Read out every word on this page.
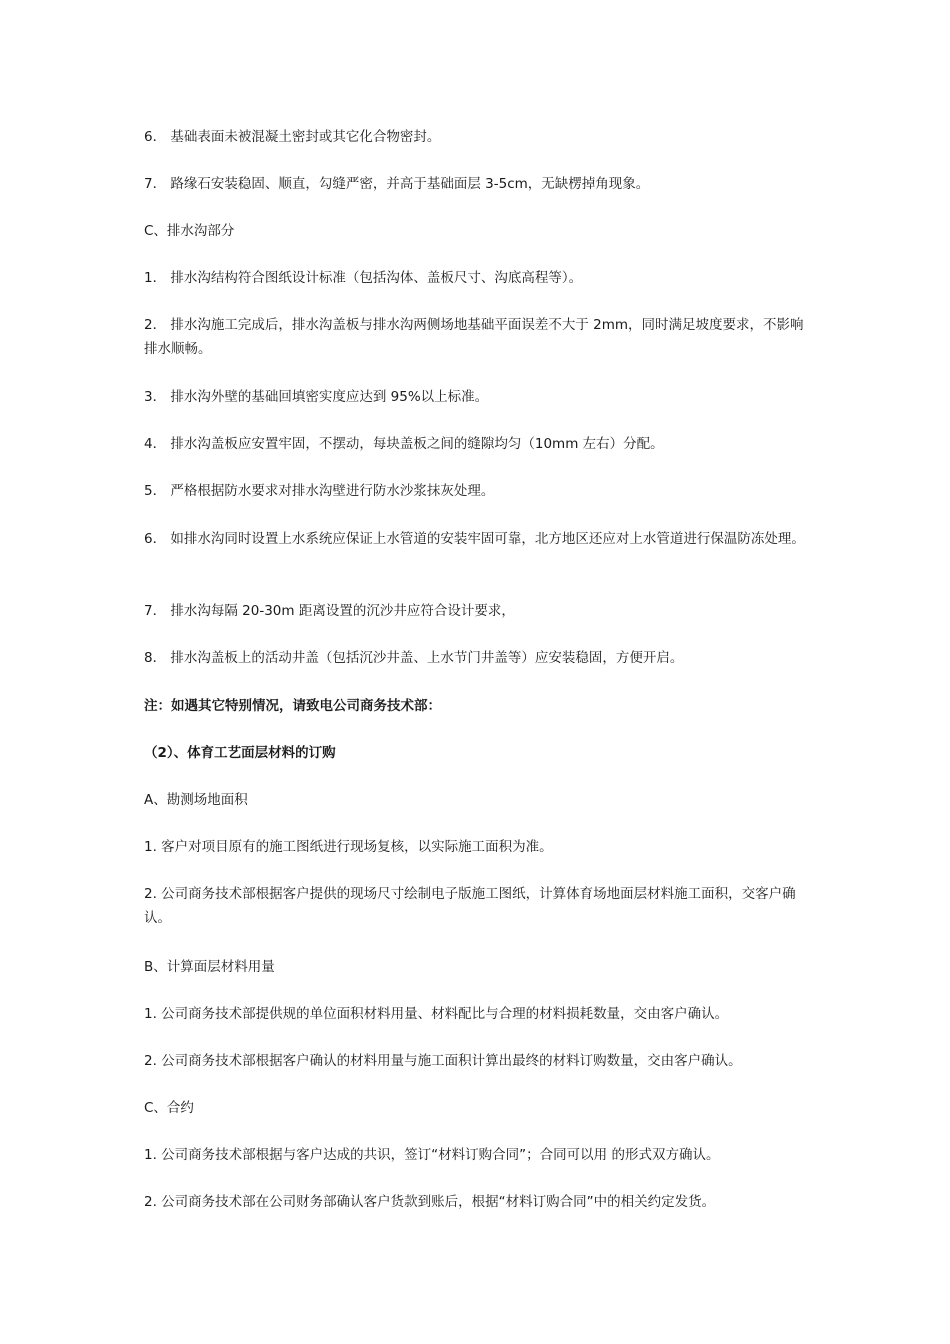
6． 基础表面未被混凝土密封或其它化合物密封。

7． 路缘石安装稳固、顺直，勾缝严密，并高于基础面层 3-5cm，无缺楞掉角现象。

C、排水沟部分

1． 排水沟结构符合图纸设计标准（包括沟体、盖板尺寸、沟底高程等）。

2． 排水沟施工完成后，排水沟盖板与排水沟两侧场地基础平面误差不大于 2mm，同时满足坡度要求，不影响排水顺畅。

3． 排水沟外壁的基础回填密实度应达到 95%以上标准。

4． 排水沟盖板应安置牢固，不摆动，每块盖板之间的缝隙均匀（10mm 左右）分配。

5． 严格根据防水要求对排水沟壁进行防水沙浆抹灰处理。

6． 如排水沟同时设置上水系统应保证上水管道的安装牢固可靠，北方地区还应对上水管道进行保温防冻处理。

7． 排水沟每隔 20-30m 距离设置的沉沙井应符合设计要求，

8． 排水沟盖板上的活动井盖（包括沉沙井盖、上水节门井盖等）应安装稳固，方便开启。

注：如遇其它特别情况，请致电公司商务技术部：

（2）、体育工艺面层材料的订购

A、勘测场地面积

1. 客户对项目原有的施工图纸进行现场复核，以实际施工面积为准。

2. 公司商务技术部根据客户提供的现场尺寸绘制电子版施工图纸，计算体育场地面层材料施工面积，交客户确认。

B、计算面层材料用量

1. 公司商务技术部提供规的单位面积材料用量、材料配比与合理的材料损耗数量，交由客户确认。

2. 公司商务技术部根据客户确认的材料用量与施工面积计算出最终的材料订购数量，交由客户确认。

C、合约

1. 公司商务技术部根据与客户达成的共识，签订“材料订购合同”；合同可以用 的形式双方确认。

2. 公司商务技术部在公司财务部确认客户货款到账后，根据“材料订购合同”中的相关约定发货。
